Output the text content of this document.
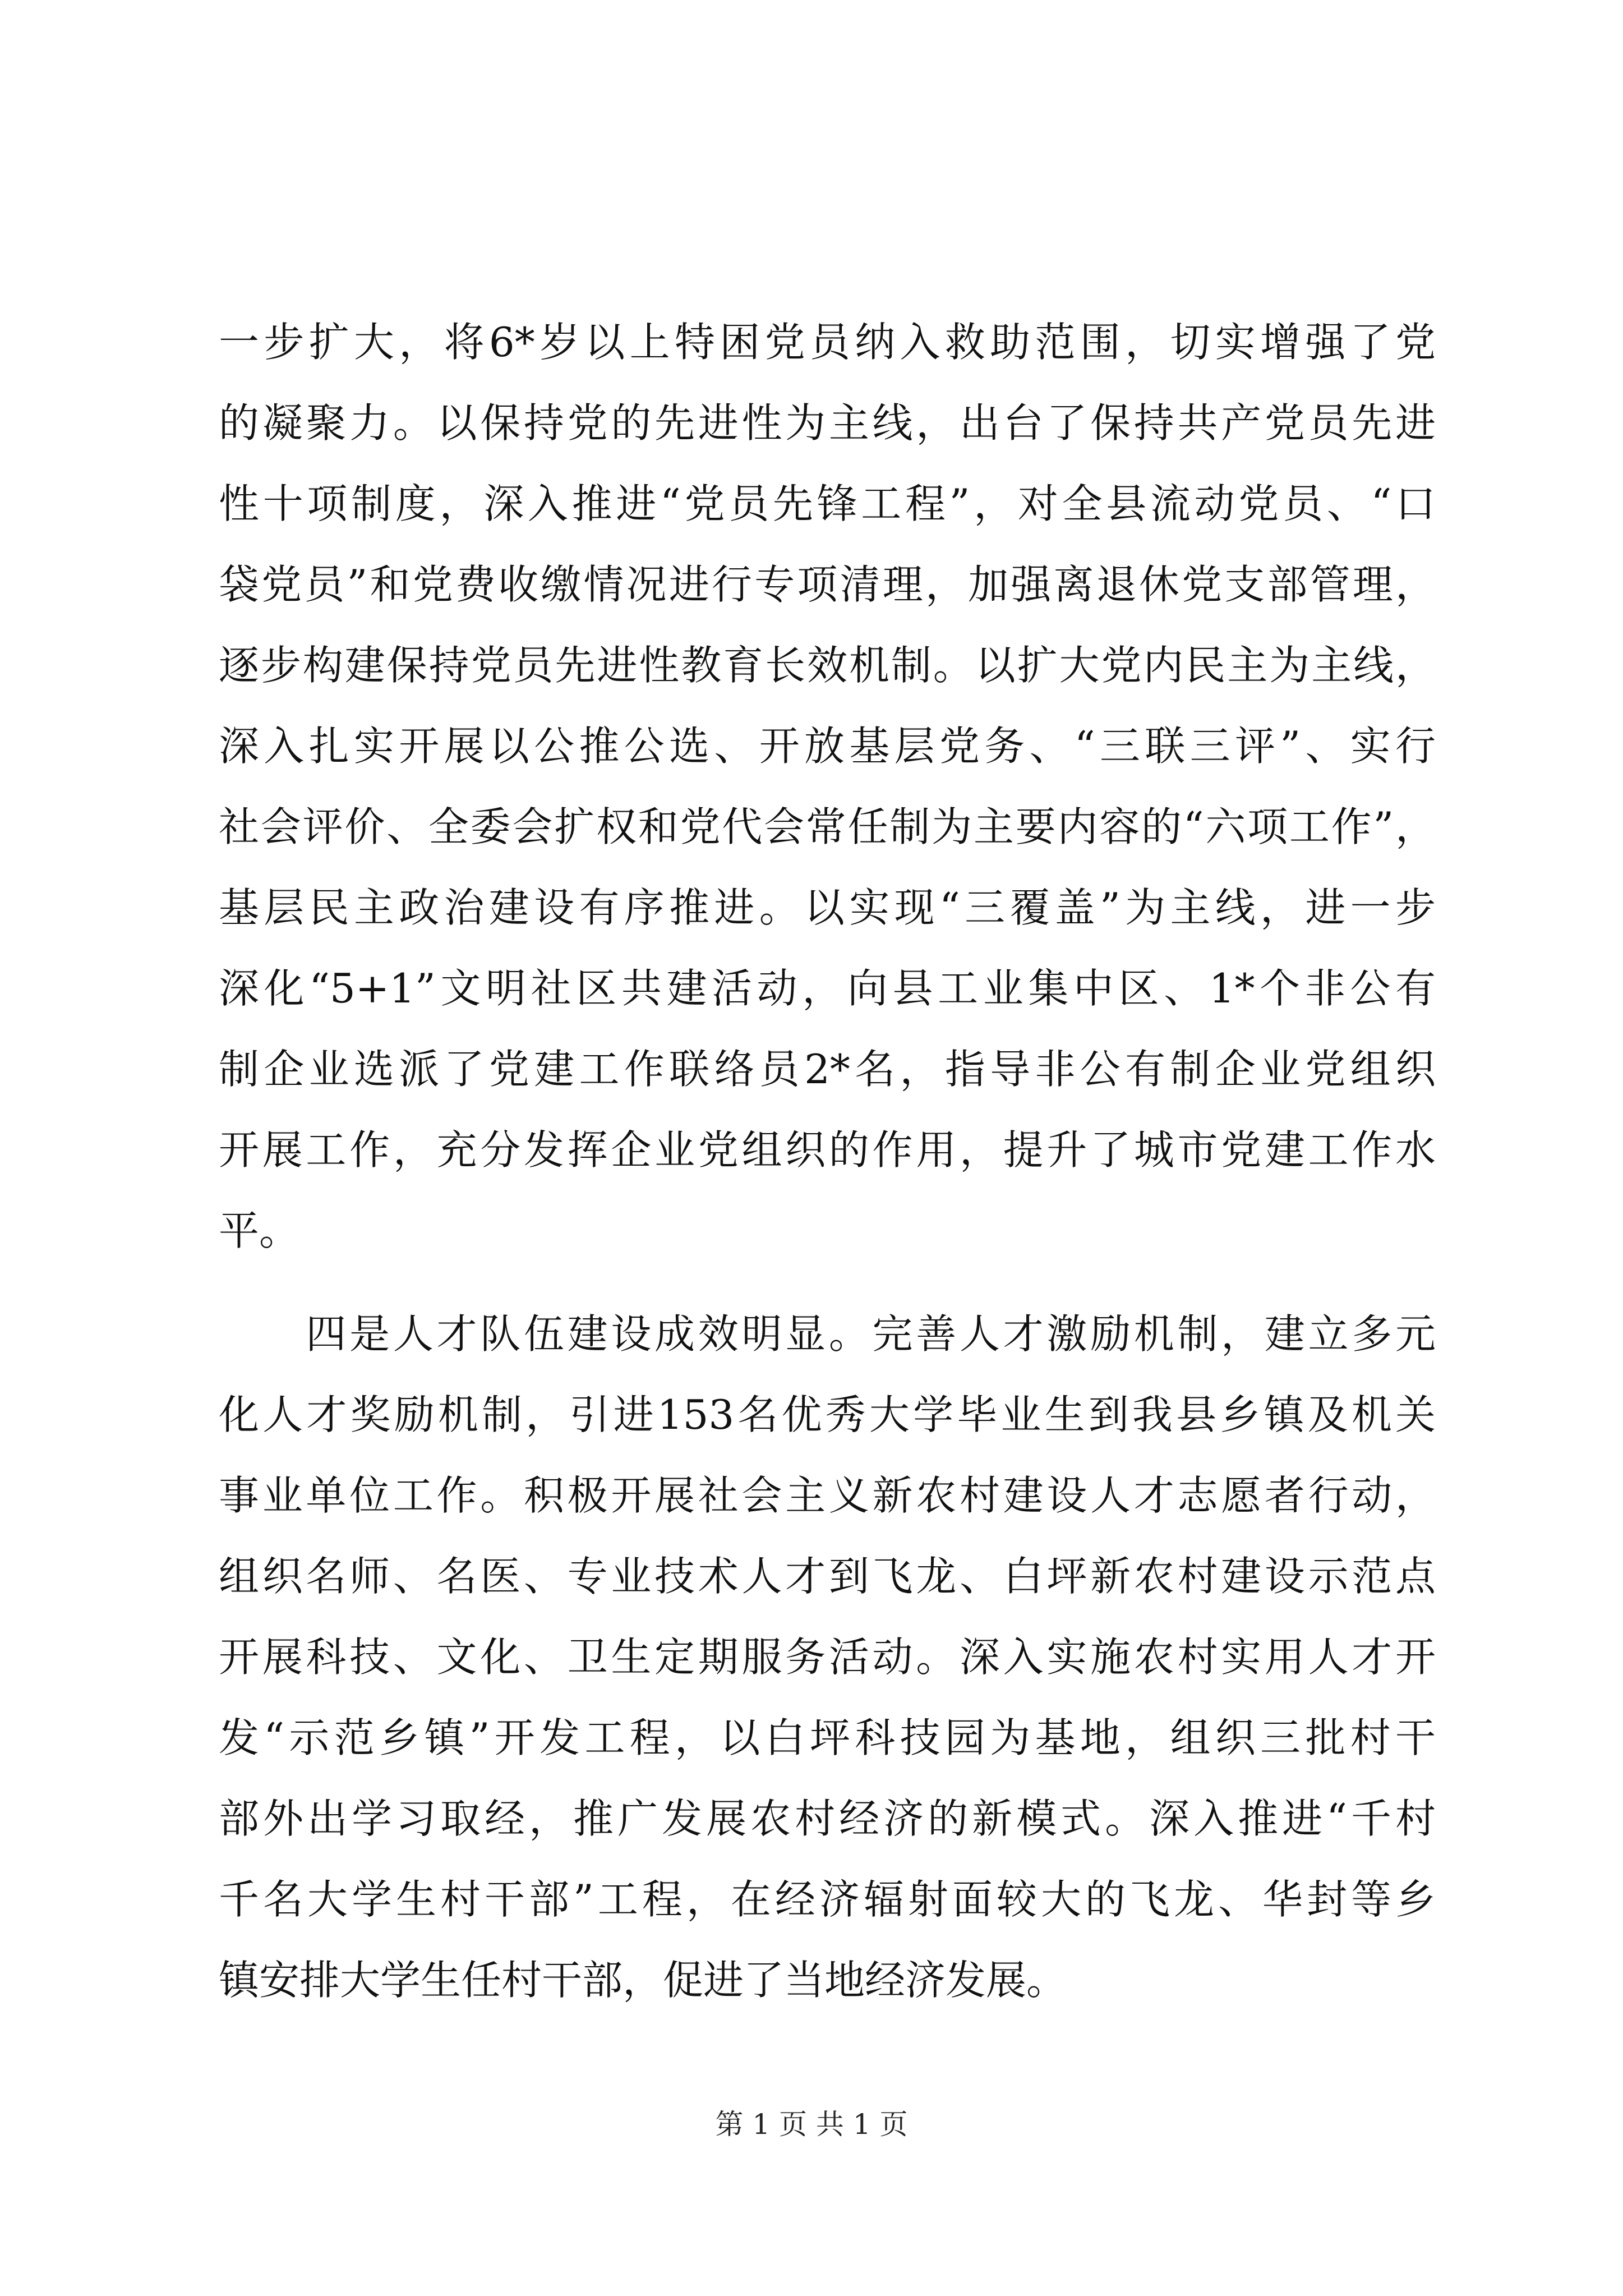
一步扩大，将6*岁以上特困党员纳入救助范围，切实增强了党
的凝聚力。以保持党的先进性为主线，出台了保持共产党员先进
性十项制度，深入推进“党员先锋工程”，对全县流动党员、“口
袋党员”和党费收缴情况进行专项清理，加强离退休党支部管理，
逐步构建保持党员先进性教育长效机制。以扩大党内民主为主线，
深入扎实开展以公推公选、开放基层党务、“三联三评”、实行
社会评价、全委会扩权和党代会常任制为主要内容的“六项工作”，
基层民主政治建设有序推进。以实现“三覆盖”为主线，进一步
深化“5+1”文明社区共建活动，向县工业集中区、1*个非公有
制企业选派了党建工作联络员2*名，指导非公有制企业党组织
开展工作，充分发挥企业党组织的作用，提升了城市党建工作水
平。
　　四是人才队伍建设成效明显。完善人才激励机制，建立多元
化人才奖励机制，引进153名优秀大学毕业生到我县乡镇及机关
事业单位工作。积极开展社会主义新农村建设人才志愿者行动，
组织名师、名医、专业技术人才到飞龙、白坪新农村建设示范点
开展科技、文化、卫生定期服务活动。深入实施农村实用人才开
发“示范乡镇”开发工程，以白坪科技园为基地，组织三批村干
部外出学习取经，推广发展农村经济的新模式。深入推进“千村
千名大学生村干部”工程，在经济辐射面较大的飞龙、华封等乡
镇安排大学生任村干部，促进了当地经济发展。
第 1 页 共 1 页
